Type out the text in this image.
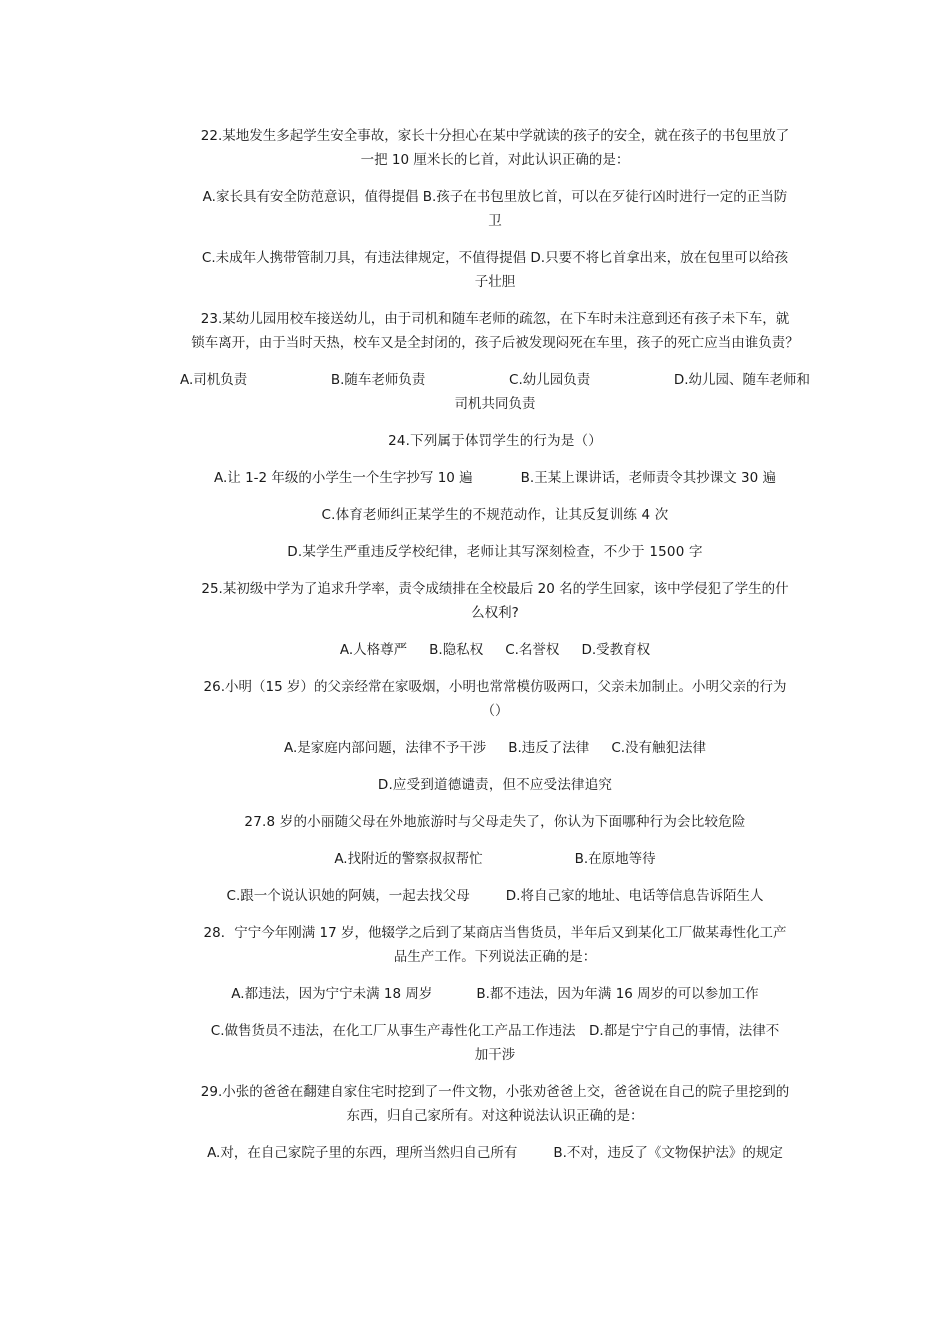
22.某地发生多起学生安全事故，家长十分担心在某中学就读的孩子的安全，就在孩子的书包里放了
一把 10 厘米长的匕首，对此认识正确的是：
A.家长具有安全防范意识，值得提倡 B.孩子在书包里放匕首，可以在歹徒行凶时进行一定的正当防
卫
C.未成年人携带管制刀具，有违法律规定，不值得提倡 D.只要不将匕首拿出来，放在包里可以给孩
子壮胆
23.某幼儿园用校车接送幼儿，由于司机和随车老师的疏忽，在下车时未注意到还有孩子未下车，就
锁车离开，由于当时天热，校车又是全封闭的，孩子后被发现闷死在车里，孩子的死亡应当由谁负责？
A.司机负责	B.随车老师负责	C.幼儿园负责	D.幼儿园、随车老师和
司机共同负责
24.下列属于体罚学生的行为是（）
A.让 1-2 年级的小学生一个生字抄写 10 遍	B.王某上课讲话，老师责令其抄课文 30 遍
C.体育老师纠正某学生的不规范动作，让其反复训练 4 次
D.某学生严重违反学校纪律，老师让其写深刻检查，不少于 1500 字
25.某初级中学为了追求升学率，责令成绩排在全校最后 20 名的学生回家，该中学侵犯了学生的什
么权利?
A.人格尊严 B.隐私权 C.名誉权 D.受教育权
26.小明（15 岁）的父亲经常在家吸烟，小明也常常模仿吸两口，父亲未加制止。小明父亲的行为
（）
A.是家庭内部问题，法律不予干涉 B.违反了法律 C.没有触犯法律
D.应受到道德谴责，但不应受法律追究
27.8 岁的小丽随父母在外地旅游时与父母走失了，你认为下面哪种行为会比较危险
A.找附近的警察叔叔帮忙	B.在原地等待
C.跟一个说认识她的阿姨，一起去找父母	D.将自己家的地址、电话等信息告诉陌生人
28．宁宁今年刚满 17 岁，他辍学之后到了某商店当售货员，半年后又到某化工厂做某毒性化工产
品生产工作。下列说法正确的是：
A.都违法，因为宁宁未满 18 周岁	B.都不违法，因为年满 16 周岁的可以参加工作
C.做售货员不违法，在化工厂从事生产毒性化工产品工作违法　D.都是宁宁自己的事情，法律不
加干涉
29.小张的爸爸在翻建自家住宅时挖到了一件文物，小张劝爸爸上交，爸爸说在自己的院子里挖到的
东西，归自己家所有。对这种说法认识正确的是：
A.对，在自己家院子里的东西，理所当然归自己所有	B.不对，违反了《文物保护法》的规定
